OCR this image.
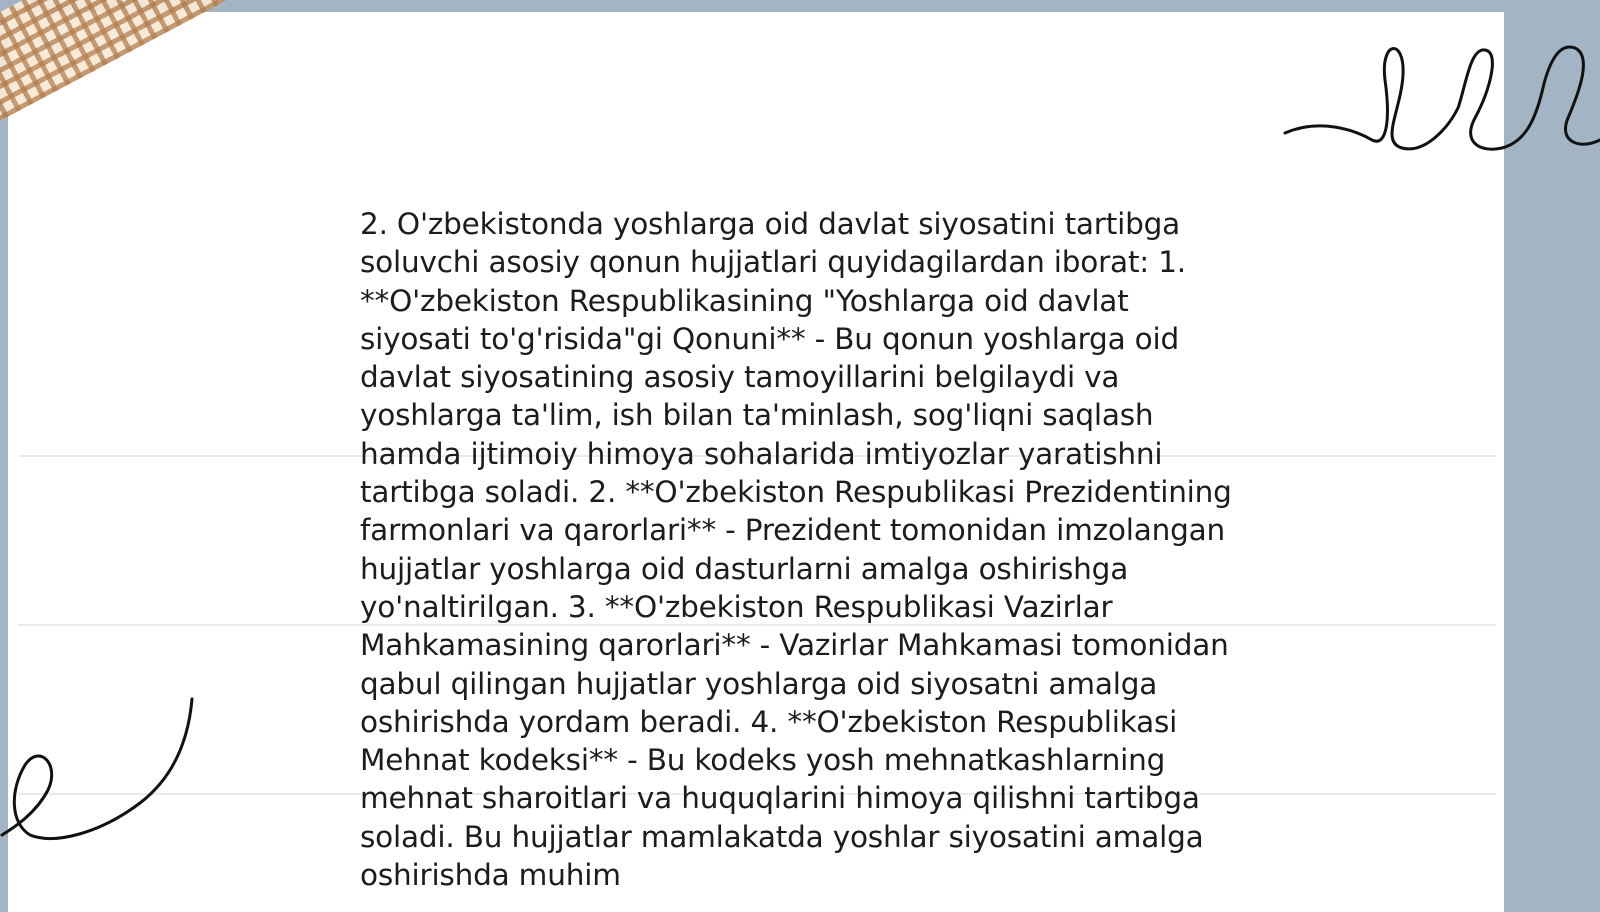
2. O'zbekistonda yoshlarga oid davlat siyosatini tartibga soluvchi asosiy qonun hujjatlari quyidagilardan iborat: 1. **O'zbekiston Respublikasining "Yoshlarga oid davlat siyosati to'g'risida"gi Qonuni** - Bu qonun yoshlarga oid davlat siyosatining asosiy tamoyillarini belgilaydi va yoshlarga ta'lim, ish bilan ta'minlash, sog'liqni saqlash hamda ijtimoiy himoya sohalarida imtiyozlar yaratishni tartibga soladi. 2. **O'zbekiston Respublikasi Prezidentining farmonlari va qarorlari** - Prezident tomonidan imzolangan hujjatlar yoshlarga oid dasturlarni amalga oshirishga yo'naltirilgan. 3. **O'zbekiston Respublikasi Vazirlar Mahkamasining qarorlari** - Vazirlar Mahkamasi tomonidan qabul qilingan hujjatlar yoshlarga oid siyosatni amalga oshirishda yordam beradi. 4. **O'zbekiston Respublikasi Mehnat kodeksi** - Bu kodeks yosh mehnatkashlarning mehnat sharoitlari va huquqlarini himoya qilishni tartibga soladi. Bu hujjatlar mamlakatda yoshlar siyosatini amalga oshirishda muhim
